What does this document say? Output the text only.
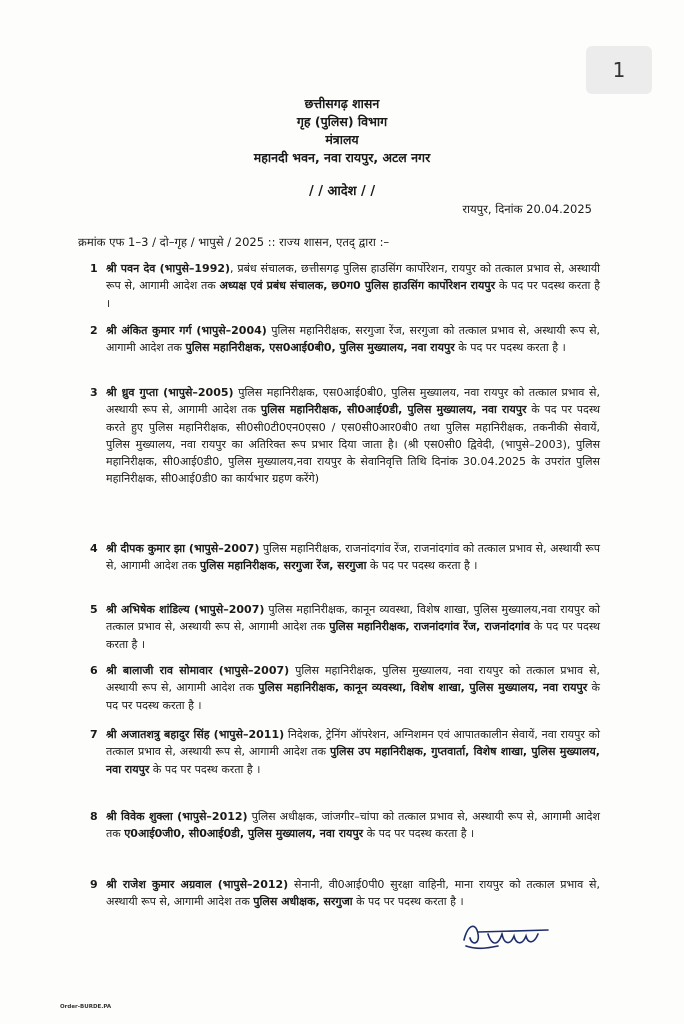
1
छत्तीसगढ़ शासन
गृह (पुलिस) विभाग
मंत्रालय
महानदी भवन, नवा रायपुर, अटल नगर
/ / आदेश / /
रायपुर, दिनांक 20.04.2025
क्रमांक एफ 1–3 / दो–गृह / भापुसे / 2025 :: राज्य शासन, एतद् द्वारा :–
1 श्री पवन देव (भापुसे–1992), प्रबंध संचालक, छत्तीसगढ़ पुलिस हाउसिंग कार्पोरेशन, रायपुर को तत्काल प्रभाव से, अस्थायी रूप से, आगामी आदेश तक अध्यक्ष एवं प्रबंध संचालक, छ0ग0 पुलिस हाउसिंग कार्पोरेशन रायपुर के पद पर पदस्थ करता है ।
2 श्री अंकित कुमार गर्ग (भापुसे–2004) पुलिस महानिरीक्षक, सरगुजा रेंज, सरगुजा को तत्काल प्रभाव से, अस्थायी रूप से, आगामी आदेश तक पुलिस महानिरीक्षक, एस0आई0बी0, पुलिस मुख्यालय, नवा रायपुर के पद पर पदस्थ करता है ।
3 श्री ध्रुव गुप्ता (भापुसे–2005) पुलिस महानिरीक्षक, एस0आई0बी0, पुलिस मुख्यालय, नवा रायपुर को तत्काल प्रभाव से, अस्थायी रूप से, आगामी आदेश तक पुलिस महानिरीक्षक, सी0आई0डी, पुलिस मुख्यालय, नवा रायपुर के पद पर पदस्थ करते हुए पुलिस महानिरीक्षक, सी0सी0टी0एन0एस0 / एस0सी0आर0बी0 तथा पुलिस महानिरीक्षक, तकनीकी सेवायें, पुलिस मुख्यालय, नवा रायपुर का अतिरिक्त रूप प्रभार दिया जाता है। (श्री एस0सी0 द्विवेदी, (भापुसे–2003), पुलिस महानिरीक्षक, सी0आई0डी0, पुलिस मुख्यालय,नवा रायपुर के सेवानिवृत्ति तिथि दिनांक 30.04.2025 के उपरांत पुलिस महानिरीक्षक, सी0आई0डी0 का कार्यभार ग्रहण करेंगे)
4 श्री दीपक कुमार झा (भापुसे–2007) पुलिस महानिरीक्षक, राजनांदगांव रेंज, राजनांदगांव को तत्काल प्रभाव से, अस्थायी रूप से, आगामी आदेश तक पुलिस महानिरीक्षक, सरगुजा रेंज, सरगुजा के पद पर पदस्थ करता है ।
5 श्री अभिषेक शांडिल्य (भापुसे–2007) पुलिस महानिरीक्षक, कानून व्यवस्था, विशेष शाखा, पुलिस मुख्यालय,नवा रायपुर को तत्काल प्रभाव से, अस्थायी रूप से, आगामी आदेश तक पुलिस महानिरीक्षक, राजनांदगांव रेंज, राजनांदगांव के पद पर पदस्थ करता है ।
6 श्री बालाजी राव सोमावार (भापुसे–2007) पुलिस महानिरीक्षक, पुलिस मुख्यालय, नवा रायपुर को तत्काल प्रभाव से, अस्थायी रूप से, आगामी आदेश तक पुलिस महानिरीक्षक, कानून व्यवस्था, विशेष शाखा, पुलिस मुख्यालय, नवा रायपुर के पद पर पदस्थ करता है ।
7 श्री अजातशत्रु बहादुर सिंह (भापुसे–2011) निदेशक, ट्रेनिंग ऑपरेशन, अग्निशमन एवं आपातकालीन सेवायें, नवा रायपुर को तत्काल प्रभाव से, अस्थायी रूप से, आगामी आदेश तक पुलिस उप महानिरीक्षक, गुप्तवार्ता, विशेष शाखा, पुलिस मुख्यालय, नवा रायपुर के पद पर पदस्थ करता है ।
8 श्री विवेक शुक्ला (भापुसे–2012) पुलिस अधीक्षक, जांजगीर–चांपा को तत्काल प्रभाव से, अस्थायी रूप से, आगामी आदेश तक ए0आई0जी0, सी0आई0डी, पुलिस मुख्यालय, नवा रायपुर के पद पर पदस्थ करता है ।
9 श्री राजेश कुमार अग्रवाल (भापुसे–2012) सेनानी, वी0आई0पी0 सुरक्षा वाहिनी, माना रायपुर को तत्काल प्रभाव से, अस्थायी रूप से, आगामी आदेश तक पुलिस अधीक्षक, सरगुजा के पद पर पदस्थ करता है ।
Order-BURDE.PA
